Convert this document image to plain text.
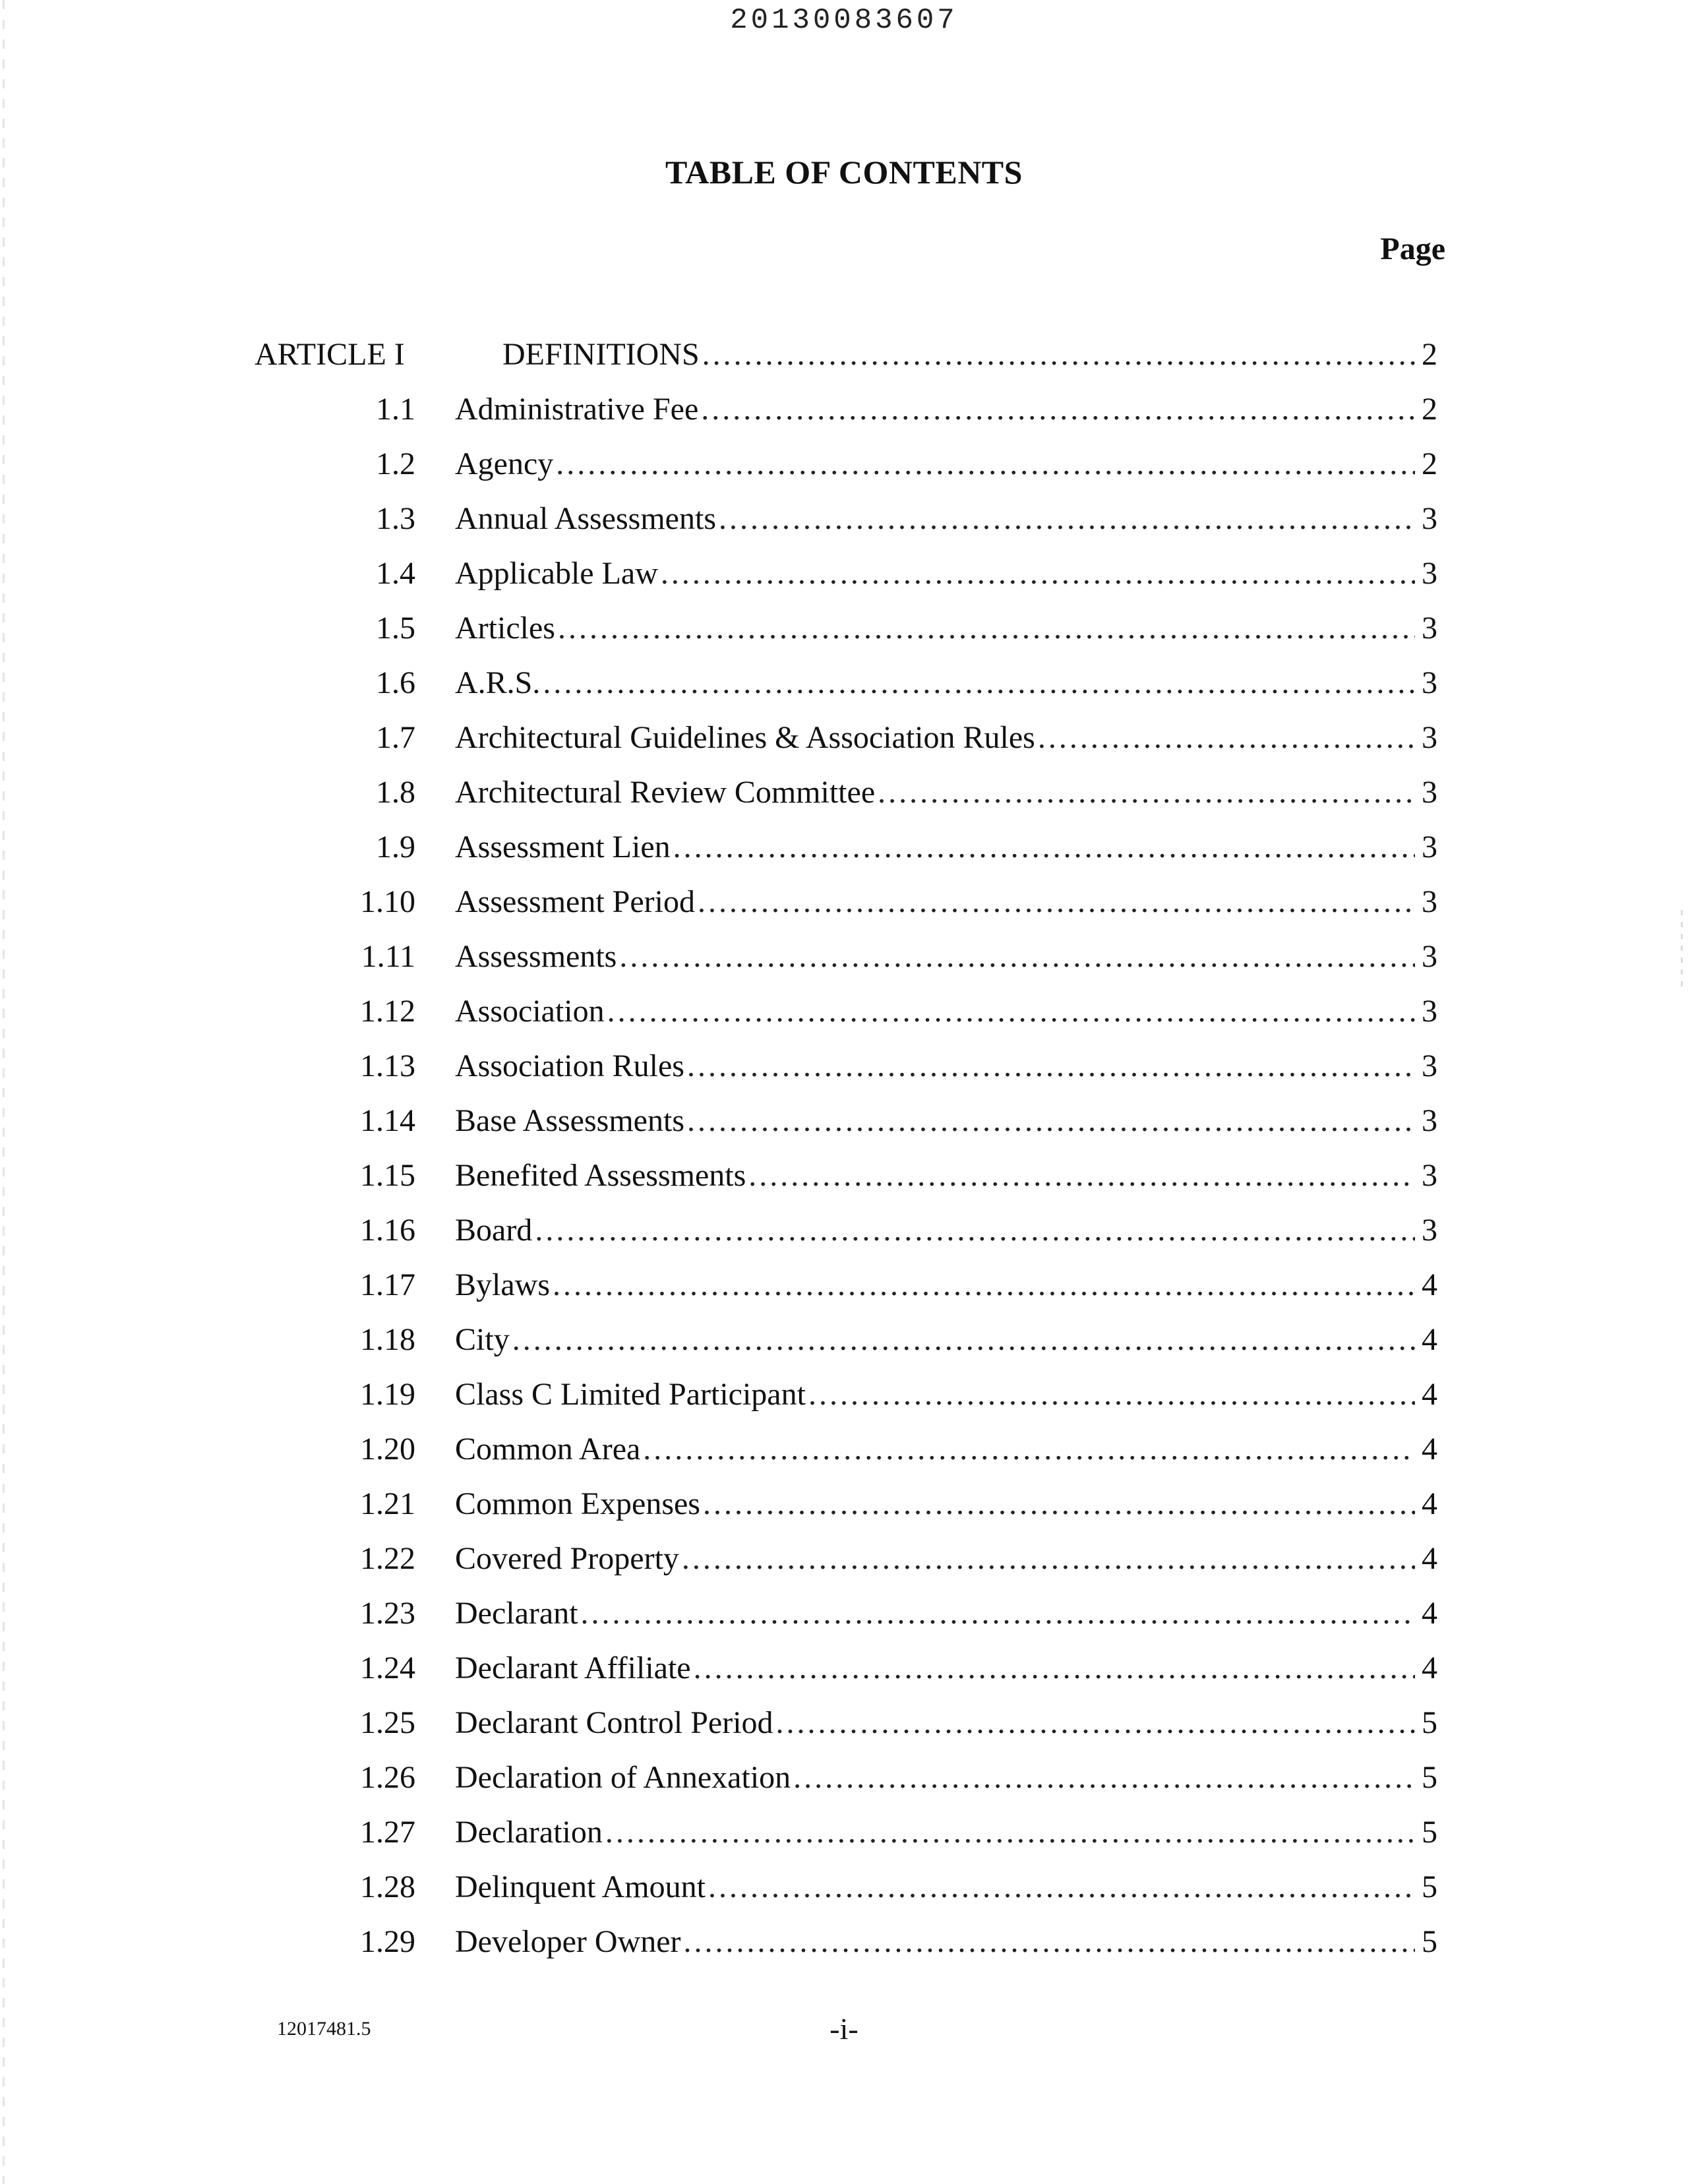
20130083607
TABLE OF CONTENTS
Page
ARTICLE I	DEFINITIONS .....	2
1.1 Administrative Fee .....	2
1.2 Agency .....	2
1.3 Annual Assessments .....	3
1.4 Applicable Law .....	3
1.5 Articles .....	3
1.6 A.R.S. .....	3
1.7 Architectural Guidelines & Association Rules .....	3
1.8 Architectural Review Committee .....	3
1.9 Assessment Lien .....	3
1.10 Assessment Period .....	3
1.11 Assessments .....	3
1.12 Association .....	3
1.13 Association Rules .....	3
1.14 Base Assessments .....	3
1.15 Benefited Assessments .....	3
1.16 Board .....	3
1.17 Bylaws .....	4
1.18 City .....	4
1.19 Class C Limited Participant .....	4
1.20 Common Area .....	4
1.21 Common Expenses .....	4
1.22 Covered Property .....	4
1.23 Declarant .....	4
1.24 Declarant Affiliate .....	4
1.25 Declarant Control Period .....	5
1.26 Declaration of Annexation .....	5
1.27 Declaration .....	5
1.28 Delinquent Amount .....	5
1.29 Developer Owner .....	5
12017481.5	-i-
